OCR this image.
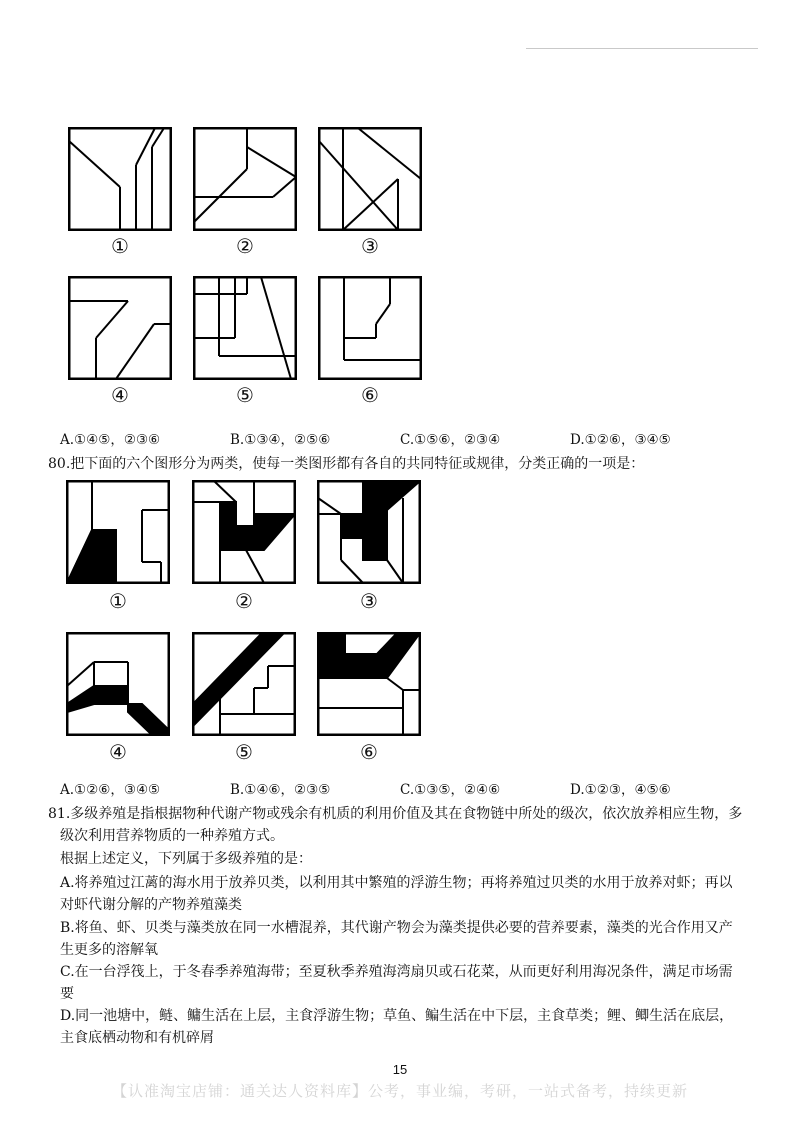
①	②	③
④	⑤	⑥
A.①④⑤，②③⑥	B.①③④，②⑤⑥	C.①⑤⑥，②③④	D.①②⑥，③④⑤
80.把下面的六个图形分为两类，使每一类图形都有各自的共同特征或规律，分类正确的一项是：
①	②	③
④	⑤	⑥
A.①②⑥，③④⑤	B.①④⑥，②③⑤	C.①③⑤，②④⑥	D.①②③，④⑤⑥
81.多级养殖是指根据物种代谢产物或残余有机质的利用价值及其在食物链中所处的级次，依次放养相应生物，多
级次利用营养物质的一种养殖方式。
根据上述定义，下列属于多级养殖的是：
A.将养殖过江蓠的海水用于放养贝类，以利用其中繁殖的浮游生物；再将养殖过贝类的水用于放养对虾；再以
对虾代谢分解的产物养殖藻类
B.将鱼、虾、贝类与藻类放在同一水槽混养，其代谢产物会为藻类提供必要的营养要素，藻类的光合作用又产
生更多的溶解氧
C.在一台浮筏上，于冬春季养殖海带；至夏秋季养殖海湾扇贝或石花菜，从而更好利用海况条件，满足市场需
要
D.同一池塘中，鲢、鳙生活在上层，主食浮游生物；草鱼、鳊生活在中下层，主食草类；鲤、鲫生活在底层，
主食底栖动物和有机碎屑
15
【认准淘宝店铺：通关达人资料库】公考，事业编，考研，一站式备考，持续更新
